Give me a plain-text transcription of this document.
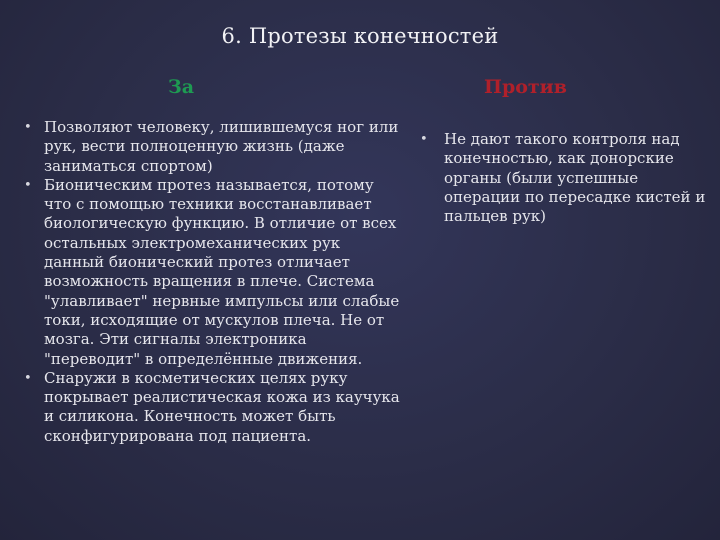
6. Протезы конечностей
За	Против
• Позволяют человеку, лишившемуся ног или рук, вести полноценную жизнь (даже заниматься спортом)
• Бионическим протез называется, потому что с помощью техники восстанавливает биологическую функцию. В отличие от всех остальных электромеханических рук данный бионический протез отличает возможность вращения в плече. Система "улавливает" нервные импульсы или слабые токи, исходящие от мускулов плеча. Не от мозга. Эти сигналы электроника "переводит" в определённые движения.
• Снаружи в косметических целях руку покрывает реалистическая кожа из каучука и силикона. Конечность может быть сконфигурирована под пациента.
• Не дают такого контроля над конечностью, как донорские органы (были успешные операции по пересадке кистей и пальцев рук)
